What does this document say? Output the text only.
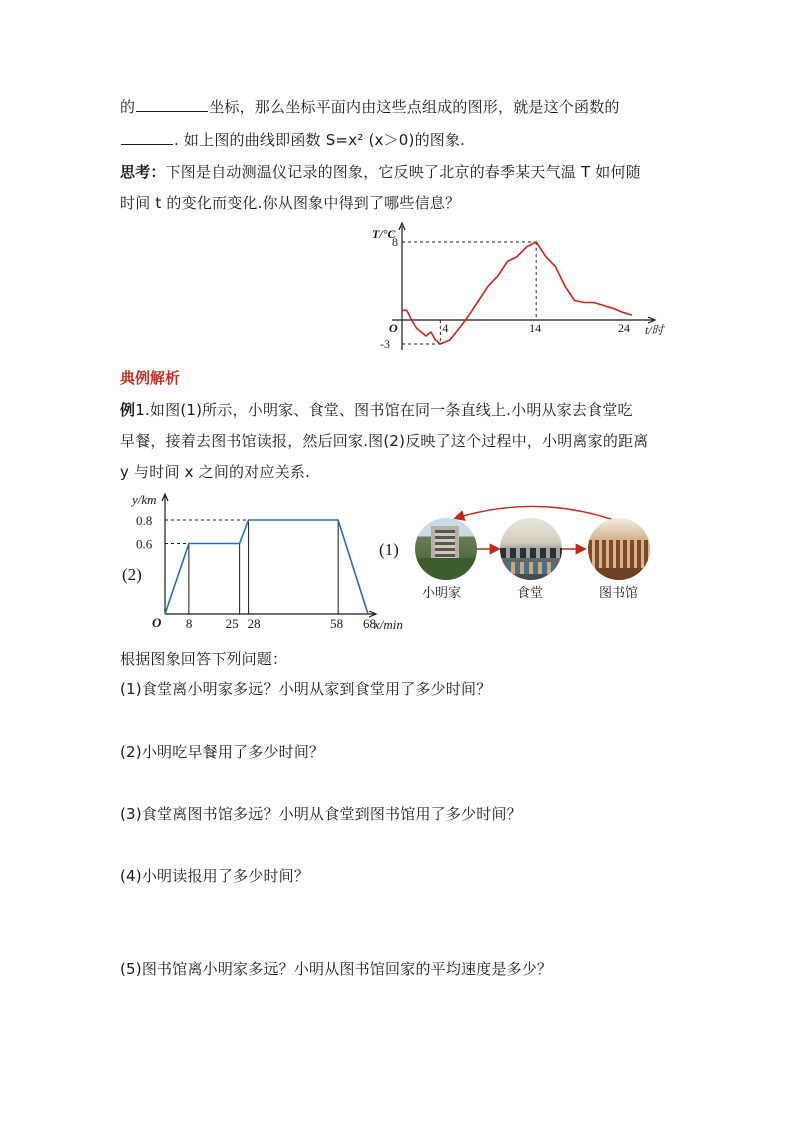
的	坐标，那么坐标平面内由这些点组成的图形，就是这个函数的
. 如上图的曲线即函数 S=x² (x＞0)的图象.
思考：下图是自动测温仪记录的图象，它反映了北京的春季某天气温 T 如何随
时间 t 的变化而变化.你从图象中得到了哪些信息？
T/°C
8
-3
O	4	14	24 t/时
典例解析
例1.如图(1)所示，小明家、食堂、图书馆在同一条直线上.小明从家去食堂吃
早餐，接着去图书馆读报，然后回家.图(2)反映了这个过程中，小明离家的距离
y 与时间 x 之间的对应关系.
y/km
0.8
0.6
(2)
O 8	25 28	58 68
x/min
(1)
小明家	食堂	图书馆
根据图象回答下列问题：
(1)食堂离小明家多远？小明从家到食堂用了多少时间？
(2)小明吃早餐用了多少时间？
(3)食堂离图书馆多远？小明从食堂到图书馆用了多少时间？
(4)小明读报用了多少时间？
(5)图书馆离小明家多远？小明从图书馆回家的平均速度是多少？
